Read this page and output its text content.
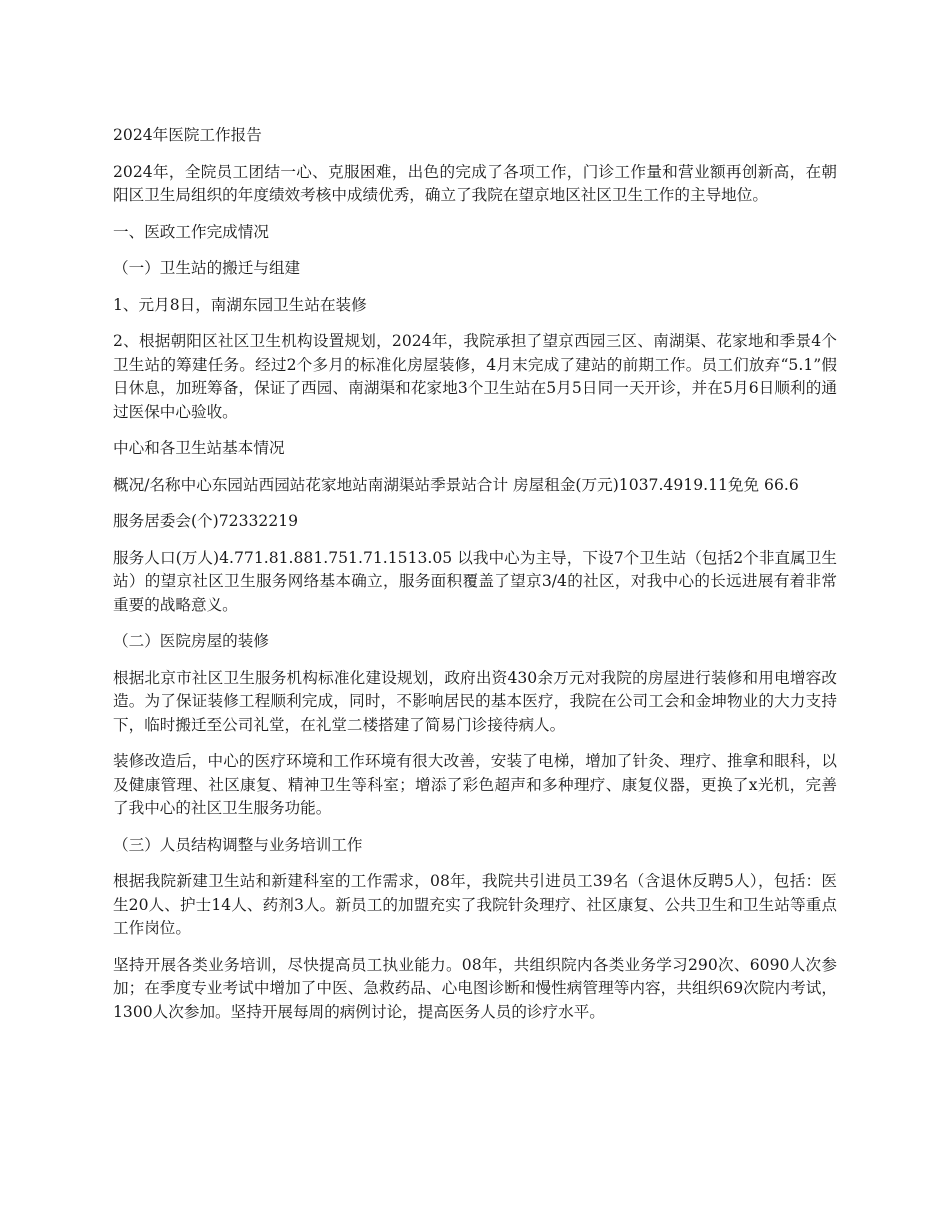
2024年医院工作报告

2024年，全院员工团结一心、克服困难，出色的完成了各项工作，门诊工作量和营业额再创新高，在朝阳区卫生局组织的年度绩效考核中成绩优秀，确立了我院在望京地区社区卫生工作的主导地位。

一、医政工作完成情况

（一）卫生站的搬迁与组建

1、元月8日，南湖东园卫生站在装修

2、根据朝阳区社区卫生机构设置规划，2024年，我院承担了望京西园三区、南湖渠、花家地和季景4个卫生站的筹建任务。经过2个多月的标准化房屋装修，4月末完成了建站的前期工作。员工们放弃“5.1”假日休息，加班筹备，保证了西园、南湖渠和花家地3个卫生站在5月5日同一天开诊，并在5月6日顺利的通过医保中心验收。

中心和各卫生站基本情况

概况/名称中心东园站西园站花家地站南湖渠站季景站合计 房屋租金(万元)1037.4919.11免免 66.6

服务居委会(个)72332219

服务人口(万人)4.771.81.881.751.71.1513.05 以我中心为主导，下设7个卫生站（包括2个非直属卫生站）的望京社区卫生服务网络基本确立，服务面积覆盖了望京3/4的社区，对我中心的长远进展有着非常重要的战略意义。

（二）医院房屋的装修

根据北京市社区卫生服务机构标准化建设规划，政府出资430余万元对我院的房屋进行装修和用电增容改造。为了保证装修工程顺利完成，同时，不影响居民的基本医疗，我院在公司工会和金坤物业的大力支持下，临时搬迁至公司礼堂，在礼堂二楼搭建了简易门诊接待病人。

装修改造后，中心的医疗环境和工作环境有很大改善，安装了电梯，增加了针灸、理疗、推拿和眼科，以及健康管理、社区康复、精神卫生等科室；增添了彩色超声和多种理疗、康复仪器，更换了x光机，完善了我中心的社区卫生服务功能。

（三）人员结构调整与业务培训工作

根据我院新建卫生站和新建科室的工作需求，08年，我院共引进员工39名（含退休反聘5人），包括：医生20人、护士14人、药剂3人。新员工的加盟充实了我院针灸理疗、社区康复、公共卫生和卫生站等重点工作岗位。

坚持开展各类业务培训，尽快提高员工执业能力。08年，共组织院内各类业务学习290次、6090人次参加；在季度专业考试中增加了中医、急救药品、心电图诊断和慢性病管理等内容，共组织69次院内考试，1300人次参加。坚持开展每周的病例讨论，提高医务人员的诊疗水平。
